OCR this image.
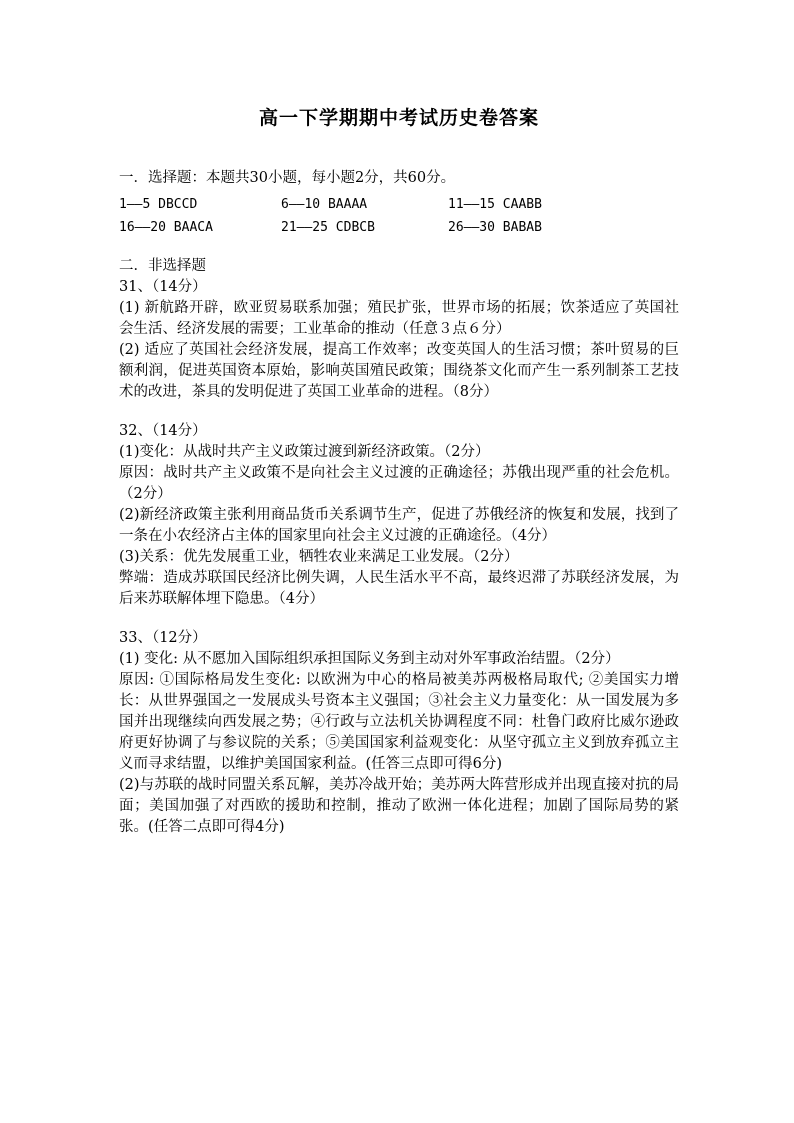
高一下学期期中考试历史卷答案
一．选择题：本题共30小题，每小题2分，共60分。
1——5 DBCCD	6——10 BAAAA	11——15 CAABB
16——20 BAACA	21——25 CDBCB	26——30 BABAB
二．非选择题

31、（14分）

(1) 新航路开辟，欧亚贸易联系加强；殖民扩张，世界市场的拓展；饮茶适应了英国社会生活、经济发展的需要；工业革命的推动（任意３点６分）

(2) 适应了英国社会经济发展，提高工作效率；改变英国人的生活习惯；茶叶贸易的巨额利润，促进英国资本原始，影响英国殖民政策；围绕茶文化而产生一系列制茶工艺技术的改进，茶具的发明促进了英国工业革命的进程。（8分）

32、（14分）

(1)变化：从战时共产主义政策过渡到新经济政策。（2分）

原因：战时共产主义政策不是向社会主义过渡的正确途径；苏俄出现严重的社会危机。（2分）

(2)新经济政策主张利用商品货币关系调节生产，促进了苏俄经济的恢复和发展，找到了一条在小农经济占主体的国家里向社会主义过渡的正确途径。（4分）

(3)关系：优先发展重工业，牺牲农业来满足工业发展。（2分）

弊端：造成苏联国民经济比例失调，人民生活水平不高，最终迟滞了苏联经济发展，为后来苏联解体埋下隐患。（4分）

33、（12分）

(1) 变化: 从不愿加入国际组织承担国际义务到主动对外军事政治结盟。（2分）

原因: ①国际格局发生变化: 以欧洲为中心的格局被美苏两极格局取代; ②美国实力增长：从世界强国之一发展成头号资本主义强国；③社会主义力量变化：从一国发展为多国并出现继续向西发展之势；④行政与立法机关协调程度不同：杜鲁门政府比威尔逊政府更好协调了与参议院的关系；⑤美国国家利益观变化：从坚守孤立主义到放弃孤立主义而寻求结盟，以维护美国国家利益。(任答三点即可得6分)

(2)与苏联的战时同盟关系瓦解，美苏冷战开始；美苏两大阵营形成并出现直接对抗的局面；美国加强了对西欧的援助和控制，推动了欧洲一体化进程；加剧了国际局势的紧张。(任答二点即可得4分)
